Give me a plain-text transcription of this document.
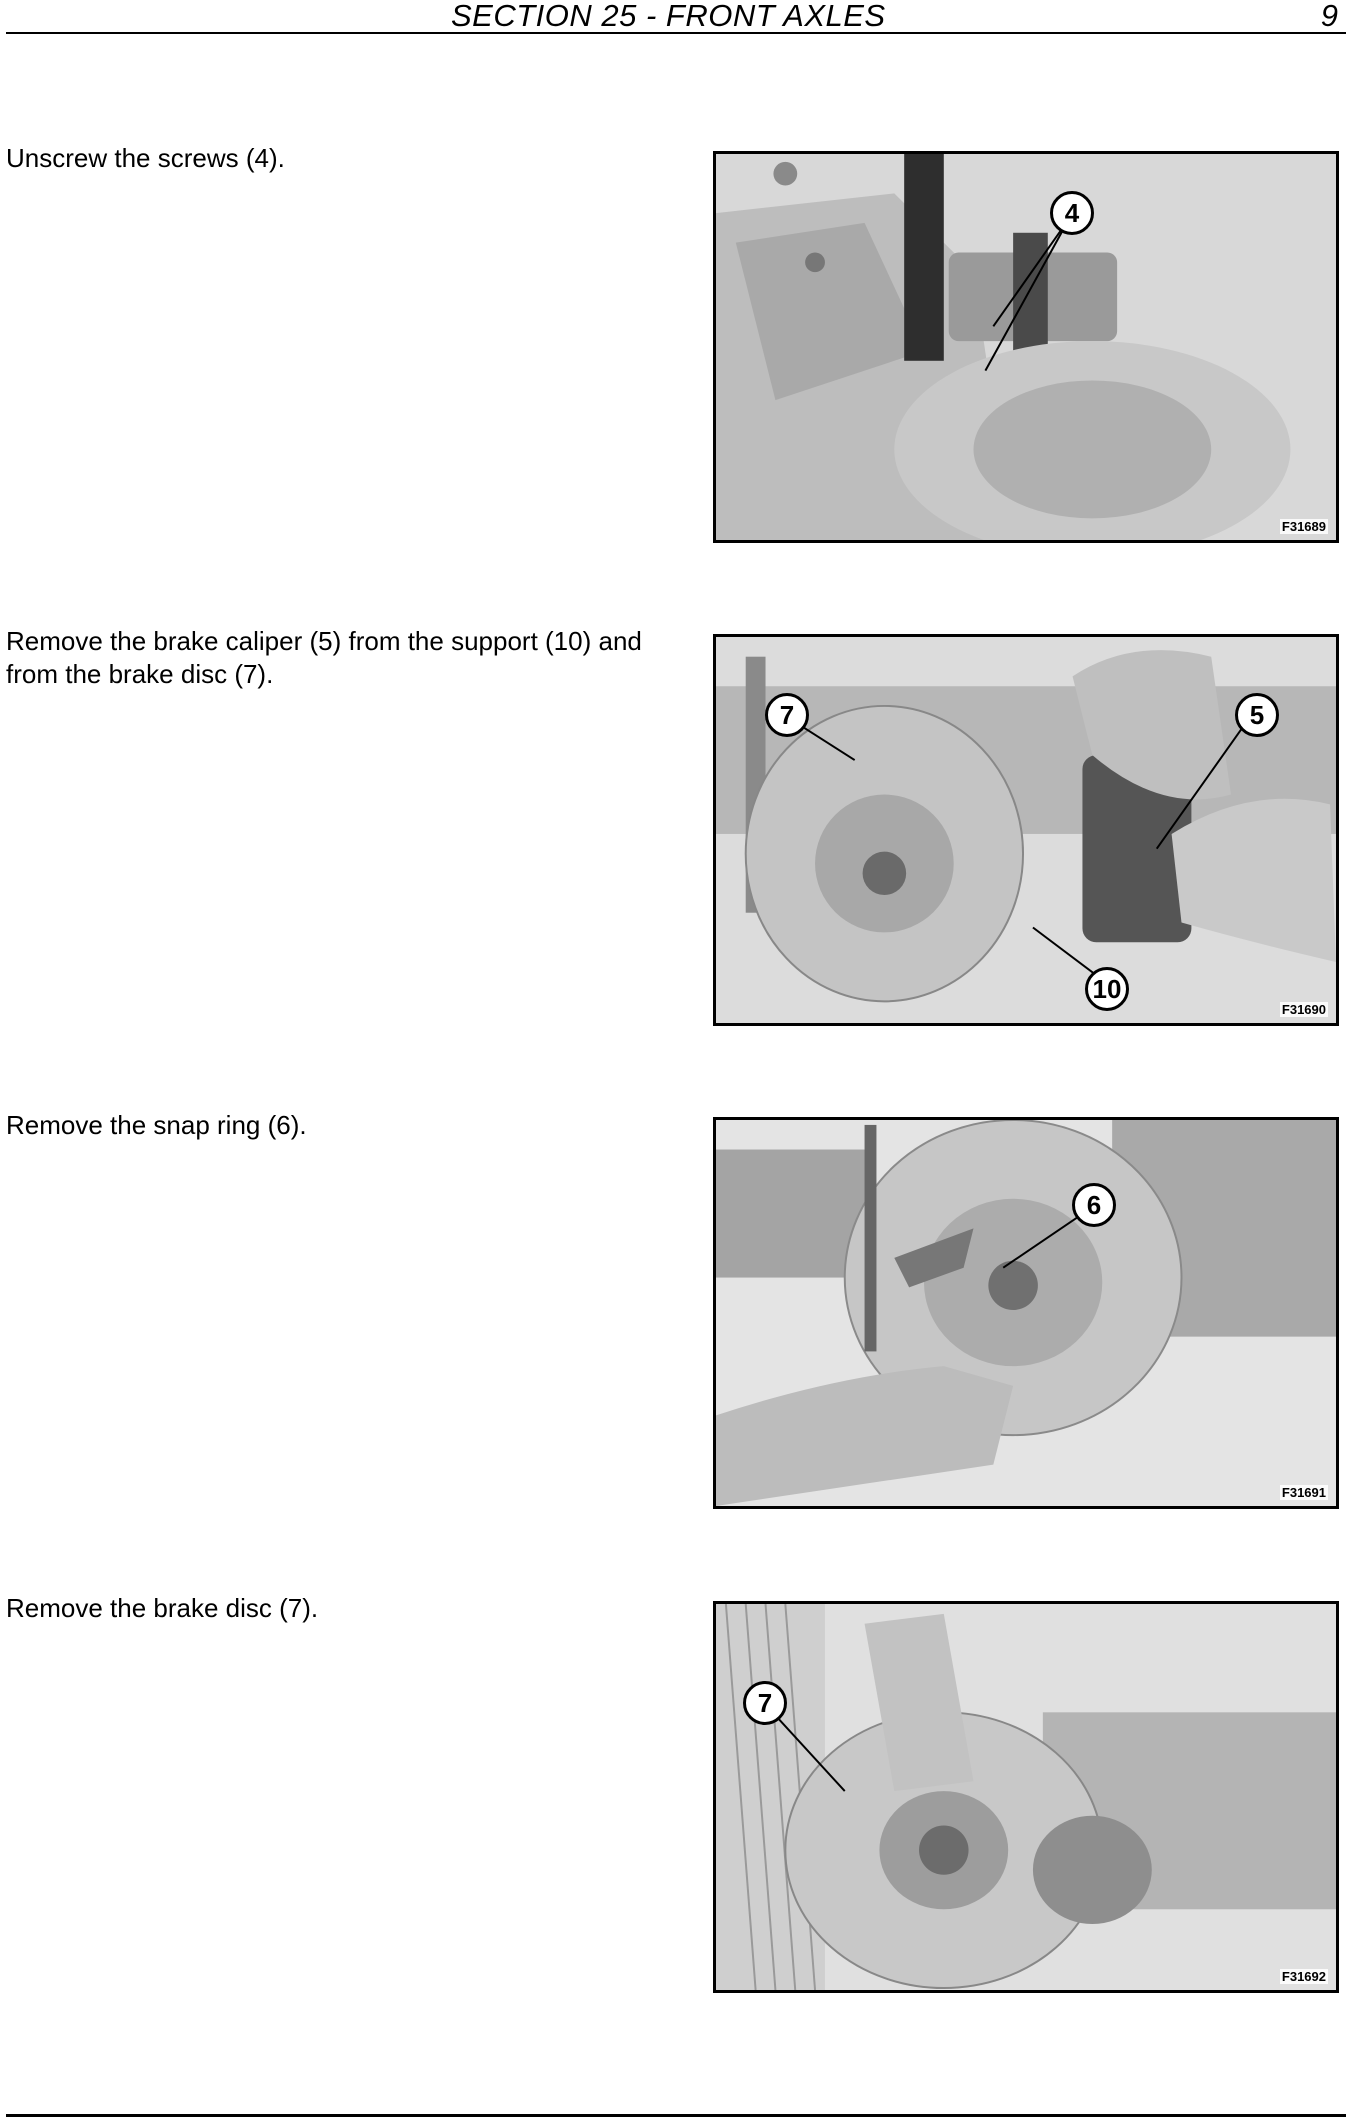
SECTION 25 - FRONT AXLES	9
Unscrew the screws (4).
4
F31689
Remove the brake caliper (5) from the support (10) and from the brake disc (7).
7	5
10
F31690
Remove the snap ring (6).
6
F31691
Remove the brake disc (7).
7
F31692
